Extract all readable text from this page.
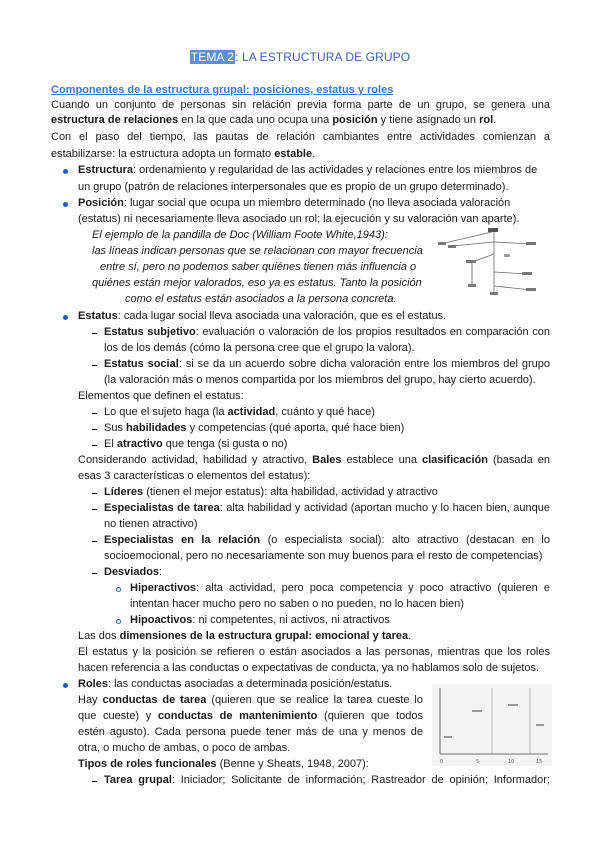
TEMA 2: LA ESTRUCTURA DE GRUPO
Componentes de la estructura grupal: posiciones, estatus y roles
Cuando un conjunto de personas sin relación previa forma parte de un grupo, se genera una
estructura de relaciones en la que cada uno ocupa una posición y tiene asignado un rol.
Con el paso del tiempo, las pautas de relación cambiantes entre actividades comienzan a
estabilizarse: la estructura adopta un formato estable.
Estructura: ordenamiento y regularidad de las actividades y relaciones entre los miembros de
un grupo (patrón de relaciones interpersonales que es propio de un grupo determinado).
Posición: lugar social que ocupa un miembro determinado (no lleva asociada valoración
(estatus) ni necesariamente lleva asociado un rol; la ejecución y su valoración van aparte).
El ejemplo de la pandilla de Doc (William Foote White,1943):
las líneas indican personas que se relacionan con mayor frecuencia
entre sí, pero no podemos saber quiénes tienen más influencia o
quiénes están mejor valorados, eso ya es estatus. Tanto la posición
como el estatus están asociados a la persona concreta.
Estatus: cada lugar social lleva asociada una valoración, que es el estatus.
Estatus subjetivo: evaluación o valoración de los propios resultados en comparación con
los de los demás (cómo la persona cree que el grupo la valora).
Estatus social: si se da un acuerdo sobre dicha valoración entre los miembros del grupo
(la valoración más o menos compartida por los miembros del grupo, hay cierto acuerdo).
Elementos que definen el estatus:
Lo que el sujeto haga (la actividad, cuánto y qué hace)
Sus habilidades y competencias (qué aporta, qué hace bien)
El atractivo que tenga (si gusta o no)
Considerando actividad, habilidad y atractivo, Bales establece una clasificación (basada en
esas 3 características o elementos del estatus):
Líderes (tienen el mejor estatus): alta habilidad, actividad y atractivo
Especialistas de tarea: alta habilidad y actividad (aportan mucho y lo hacen bien, aunque
no tienen atractivo)
Especialistas en la relación (o especialista social): alto atractivo (destacan en lo
socioemocional, pero no necesariamente son muy buenos para el resto de competencias)
Desviados:
Hiperactivos: alta actividad, pero poca competencia y poco atractivo (quieren e
intentan hacer mucho pero no saben o no pueden, no lo hacen bien)
Hipoactivos: ni competentes, ni activos, ni atractivos
Las dos dimensiones de la estructura grupal: emocional y tarea.
El estatus y la posición se refieren o están asociados a las personas, mientras que los roles
hacen referencia a las conductas o expectativas de conducta, ya no hablamos solo de sujetos.
Roles: las conductas asociadas a determinada posición/estatus.
Hay conductas de tarea (quieren que se realice la tarea cueste lo
que cueste) y conductas de mantenimiento (quieren que todos
estén agusto). Cada persona puede tener más de una y menos de
otra, o mucho de ambas, o poco de ambas.
Tipos de roles funcionales (Benne y Sheats, 1948, 2007):
Tarea grupal: Iniciador; Solicitante de información; Rastreador de opinión; Informador;
0	5	10	15
